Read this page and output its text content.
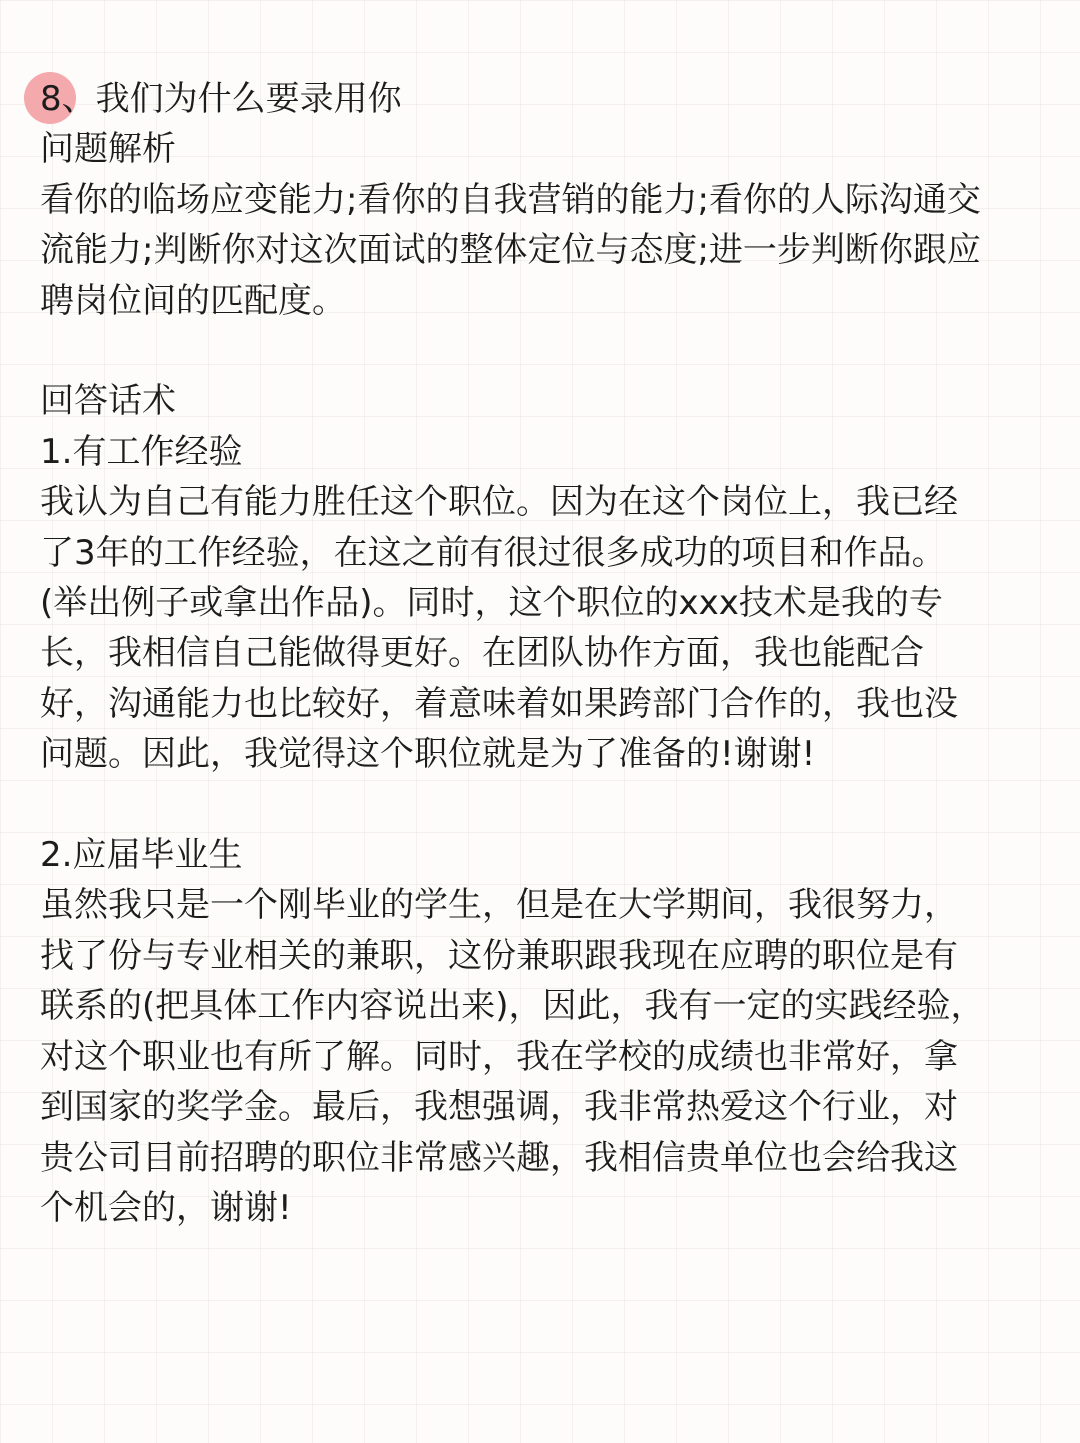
8、我们为什么要录用你

问题解析

看你的临场应变能力;看你的自我营销的能力;看你的人际沟通交

流能力;判断你对这次面试的整体定位与态度;进一步判断你跟应

聘岗位间的匹配度。

回答话术

1.有工作经验

我认为自己有能力胜任这个职位。因为在这个岗位上，我已经

了3年的工作经验，在这之前有很过很多成功的项目和作品。

(举出例子或拿出作品)。同时，这个职位的xxx技术是我的专

长，我相信自己能做得更好。在团队协作方面，我也能配合

好，沟通能力也比较好，着意味着如果跨部门合作的，我也没

问题。因此，我觉得这个职位就是为了准备的!谢谢!

2.应届毕业生

虽然我只是一个刚毕业的学生，但是在大学期间，我很努力，

找了份与专业相关的兼职，这份兼职跟我现在应聘的职位是有

联系的(把具体工作内容说出来)，因此，我有一定的实践经验，

对这个职业也有所了解。同时，我在学校的成绩也非常好，拿

到国家的奖学金。最后，我想强调，我非常热爱这个行业，对

贵公司目前招聘的职位非常感兴趣，我相信贵单位也会给我这

个机会的，谢谢!
